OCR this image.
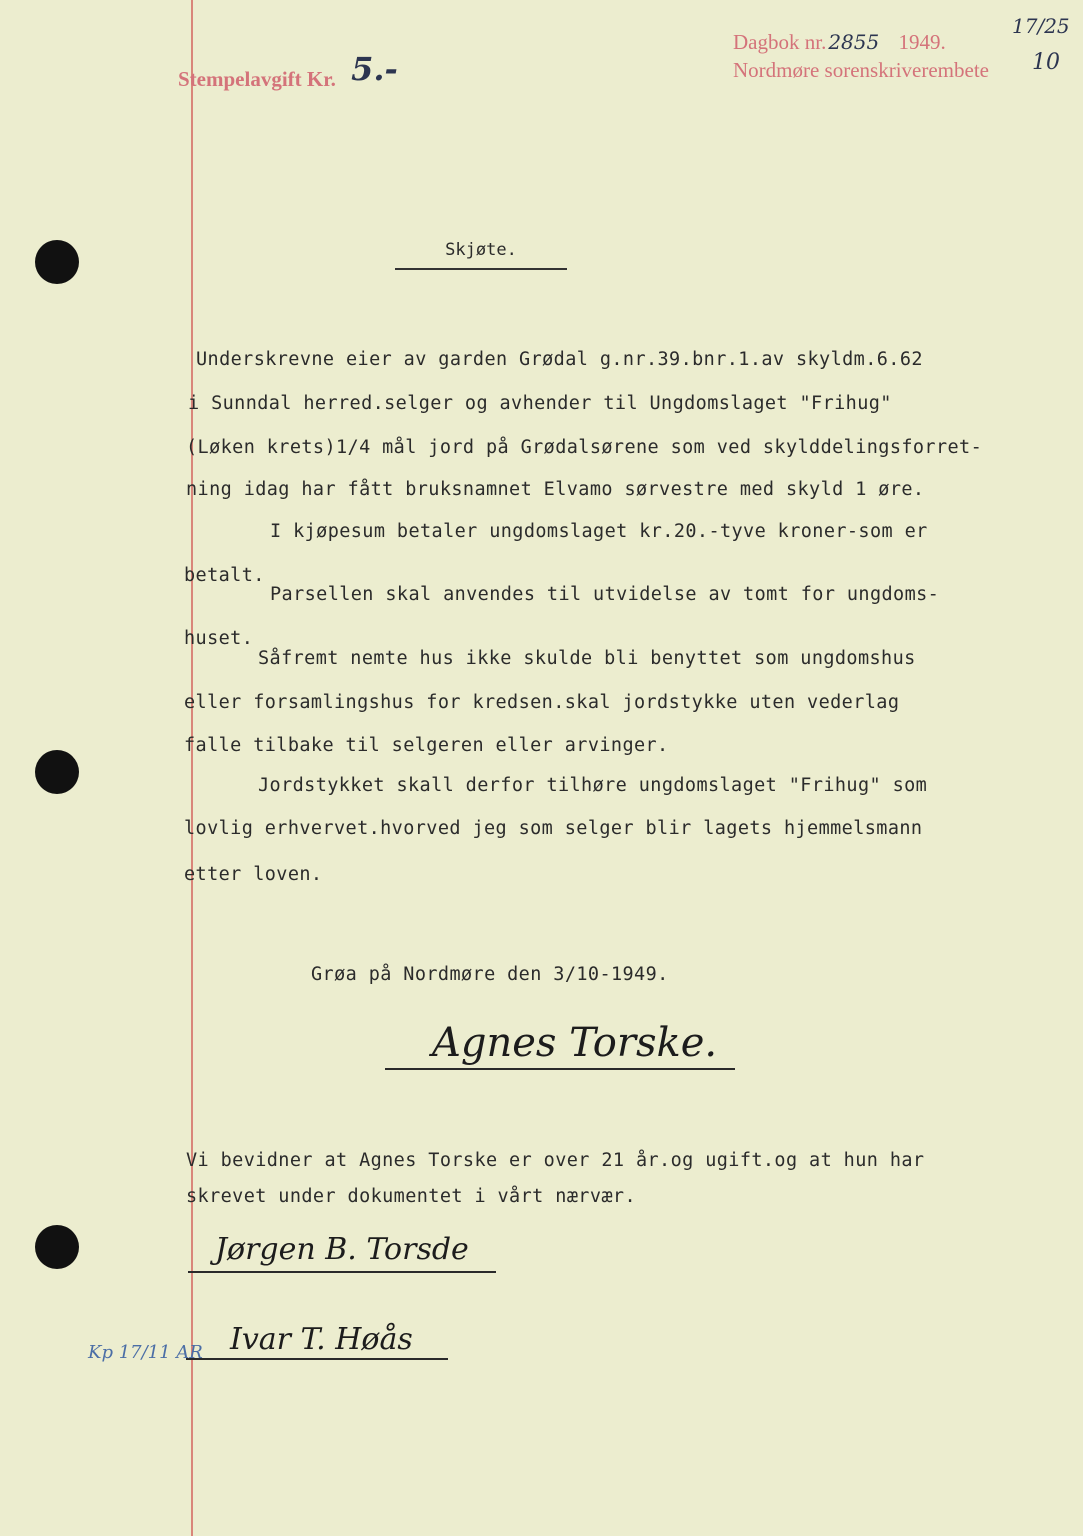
Stempelavgift Kr. 5.-
Dagbok nr. 2855 1949.
Nordmøre sorenskriverembete
17/25
10
Skjøte.
Underskrevne eier av garden Grødal g.nr.39.bnr.1.av skyldm.6.62
i Sunndal herred.selger og avhender til Ungdomslaget "Frihug"
(Løken krets)1/4 mål jord på Grødalsørene som ved skylddelingsforret-
ning idag har fått bruksnamnet Elvamo sørvestre med skyld 1 øre.
I kjøpesum betaler ungdomslaget kr.20.-tyve kroner-som er
betalt.
Parsellen skal anvendes til utvidelse av tomt for ungdoms-
huset.
Såfremt nemte hus ikke skulde bli benyttet som ungdomshus
eller forsamlingshus for kredsen.skal jordstykke uten vederlag
falle tilbake til selgeren eller arvinger.
Jordstykket skall derfor tilhøre ungdomslaget "Frihug" som
lovlig erhvervet.hvorved jeg som selger blir lagets hjemmelsmann
etter loven.
Grøa på Nordmøre den 3/10-1949.
Agnes Torske.
Vi bevidner at Agnes Torske er over 21 år.og ugift.og at hun har
skrevet under dokumentet i vårt nærvær.
Jørgen B. Torsde
Ivar T. Høås
Kp 17/11 AR
